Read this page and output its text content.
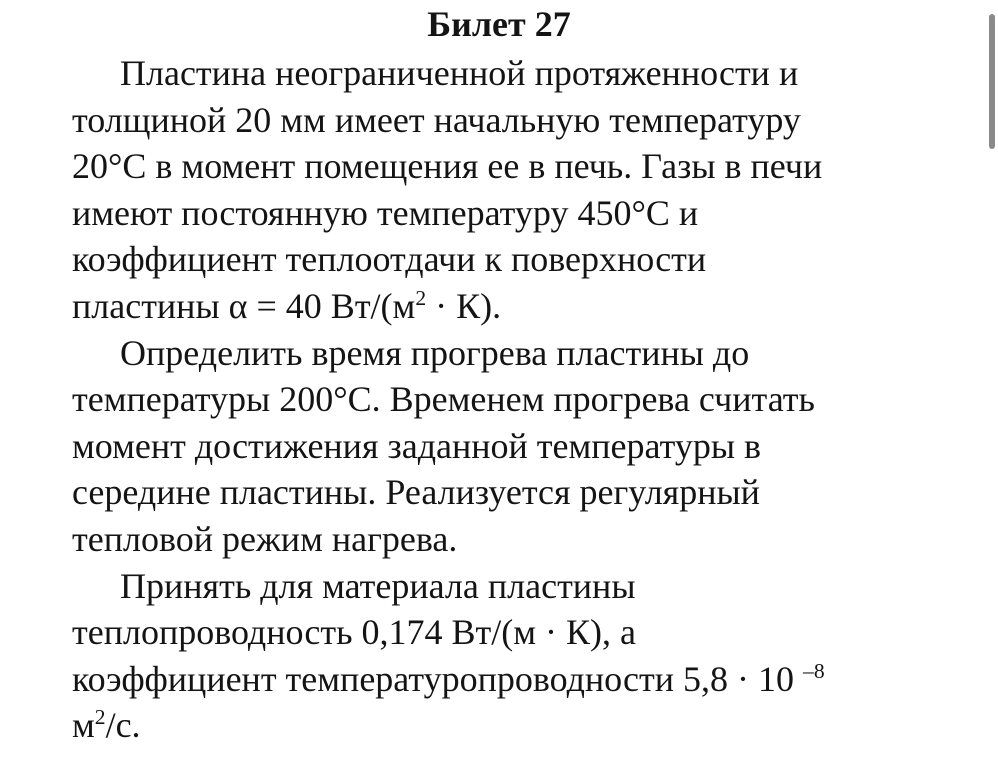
Билет 27

Пластина неограниченной протяженности и
толщиной 20 мм имеет начальную температуру
20°С в момент помещения ее в печь. Газы в печи
имеют постоянную температуру 450°С и
коэффициент теплоотдачи к поверхности
пластины α = 40 $Вт/(м^2 \cdot К)$.

Определить время прогрева пластины до
температуры 200°С. Временем прогрева считать
момент достижения заданной температуры в
середине пластины. Реализуется регулярный
тепловой режим нагрева.

Принять для материала пластины
теплопроводность 0,174 Вт/(м · К), а
коэффициент температуропроводности 5,8 · 10 $^{-8}$
$м^2/с$.
